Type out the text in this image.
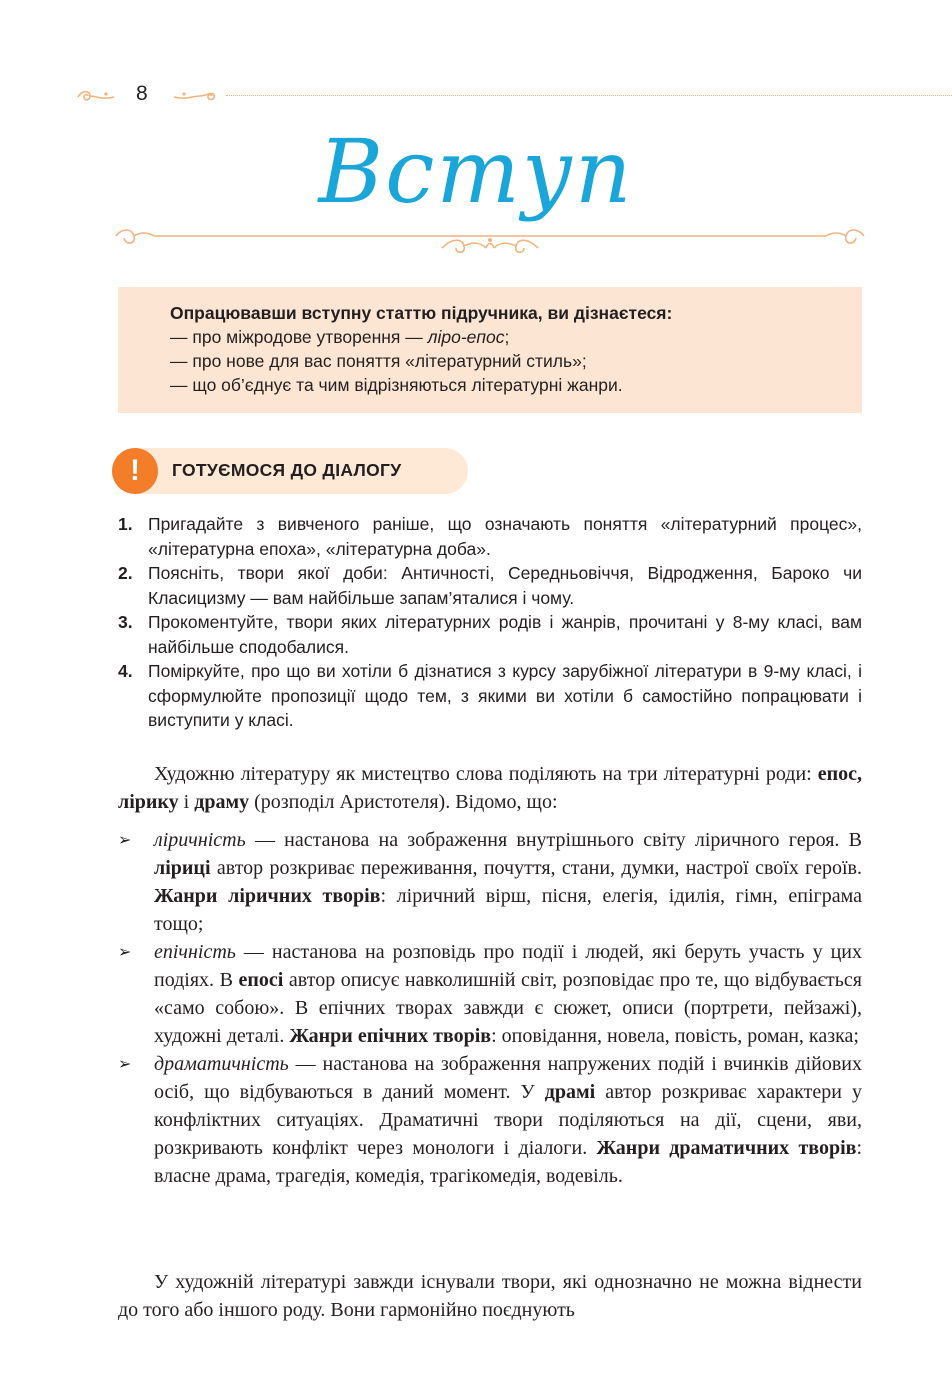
8
Вступ
Опрацювавши вступну статтю підручника, ви дізнаєтеся:
— про міжродове утворення — ліро-епос;
— про нове для вас поняття «літературний стиль»;
— що об’єднує та чим відрізняються літературні жанри.
!	ГОТУЄМОСЯ ДО ДІАЛОГУ
1. Пригадайте з вивченого раніше, що означають поняття «літературний процес», «літературна епоха», «літературна доба».
2. Поясніть, твори якої доби: Античності, Середньовіччя, Відродження, Бароко чи Класицизму — вам найбільше запам’яталися і чому.
3. Прокоментуйте, твори яких літературних родів і жанрів, прочитані у 8-му класі, вам найбільше сподобалися.
4. Поміркуйте, про що ви хотіли б дізнатися з курсу зарубіжної літератури в 9-му класі, і сформулюйте пропозиції щодо тем, з якими ви хотіли б самостійно попрацювати і виступити у класі.
Художню літературу як мистецтво слова поділяють на три літературні роди: епос, лірику і драму (розподіл Аристотеля). Відомо, що:
➢ ліричність — настанова на зображення внутрішнього світу ліричного героя. В ліриці автор розкриває переживання, почуття, стани, думки, настрої своїх героїв. Жанри ліричних творів: ліричний вірш, пісня, елегія, ідилія, гімн, епіграма тощо;
➢ епічність — настанова на розповідь про події і людей, які беруть участь у цих подіях. В епосі автор описує навколишній світ, розповідає про те, що відбувається «само собою». В епічних творах завжди є сюжет, описи (портрети, пейзажі), художні деталі. Жанри епічних творів: оповідання, новела, повість, роман, казка;
➢ драматичність — настанова на зображення напружених подій і вчинків дійових осіб, що відбуваються в даний момент. У драмі автор розкриває характери у конфліктних ситуаціях. Драматичні твори поділяються на дії, сцени, яви, розкривають конфлікт через монологи і діалоги. Жанри драматичних творів: власне драма, трагедія, комедія, трагікомедія, водевіль.
У художній літературі завжди існували твори, які однозначно не можна віднести до того або іншого роду. Вони гармонійно поєднують
